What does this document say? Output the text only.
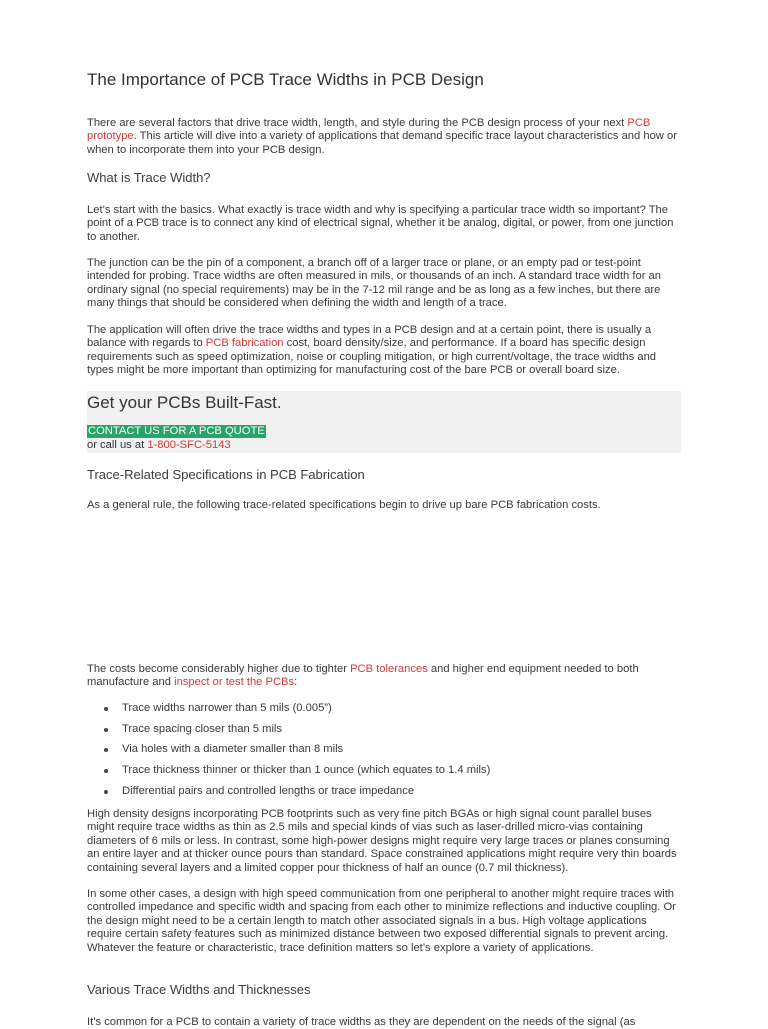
The Importance of PCB Trace Widths in PCB Design

There are several factors that drive trace width, length, and style during the PCB design process of your next PCB prototype. This article will dive into a variety of applications that demand specific trace layout characteristics and how or when to incorporate them into your PCB design.

What is Trace Width?

Let’s start with the basics. What exactly is trace width and why is specifying a particular trace width so important? The point of a PCB trace is to connect any kind of electrical signal, whether it be analog, digital, or power, from one junction to another.

The junction can be the pin of a component, a branch off of a larger trace or plane, or an empty pad or test-point intended for probing. Trace widths are often measured in mils, or thousands of an inch. A standard trace width for an ordinary signal (no special requirements) may be in the 7-12 mil range and be as long as a few inches, but there are many things that should be considered when defining the width and length of a trace.

The application will often drive the trace widths and types in a PCB design and at a certain point, there is usually a balance with regards to PCB fabrication cost, board density/size, and performance. If a board has specific design requirements such as speed optimization, noise or coupling mitigation, or high current/voltage, the trace widths and types might be more important than optimizing for manufacturing cost of the bare PCB or overall board size.

Get your PCBs Built-Fast.
CONTACT US FOR A PCB QUOTE
or call us at 1-800-SFC-5143
Trace-Related Specifications in PCB Fabrication

As a general rule, the following trace-related specifications begin to drive up bare PCB fabrication costs.

The costs become considerably higher due to tighter PCB tolerances and higher end equipment needed to both manufacture and inspect or test the PCBs:

Trace widths narrower than 5 mils (0.005”)
Trace spacing closer than 5 mils
Via holes with a diameter smaller than 8 mils
Trace thickness thinner or thicker than 1 ounce (which equates to 1.4 mils)
Differential pairs and controlled lengths or trace impedance

High density designs incorporating PCB footprints such as very fine pitch BGAs or high signal count parallel buses might require trace widths as thin as 2.5 mils and special kinds of vias such as laser-drilled micro-vias containing diameters of 6 mils or less. In contrast, some high-power designs might require very large traces or planes consuming an entire layer and at thicker ounce pours than standard. Space constrained applications might require very thin boards containing several layers and a limited copper pour thickness of half an ounce (0.7 mil thickness).

In some other cases, a design with high speed communication from one peripheral to another might require traces with controlled impedance and specific width and spacing from each other to minimize reflections and inductive coupling. Or the design might need to be a certain length to match other associated signals in a bus. High voltage applications require certain safety features such as minimized distance between two exposed differential signals to prevent arcing. Whatever the feature or characteristic, trace definition matters so let’s explore a variety of applications.

Various Trace Widths and Thicknesses

It’s common for a PCB to contain a variety of trace widths as they are dependent on the needs of the signal (as
